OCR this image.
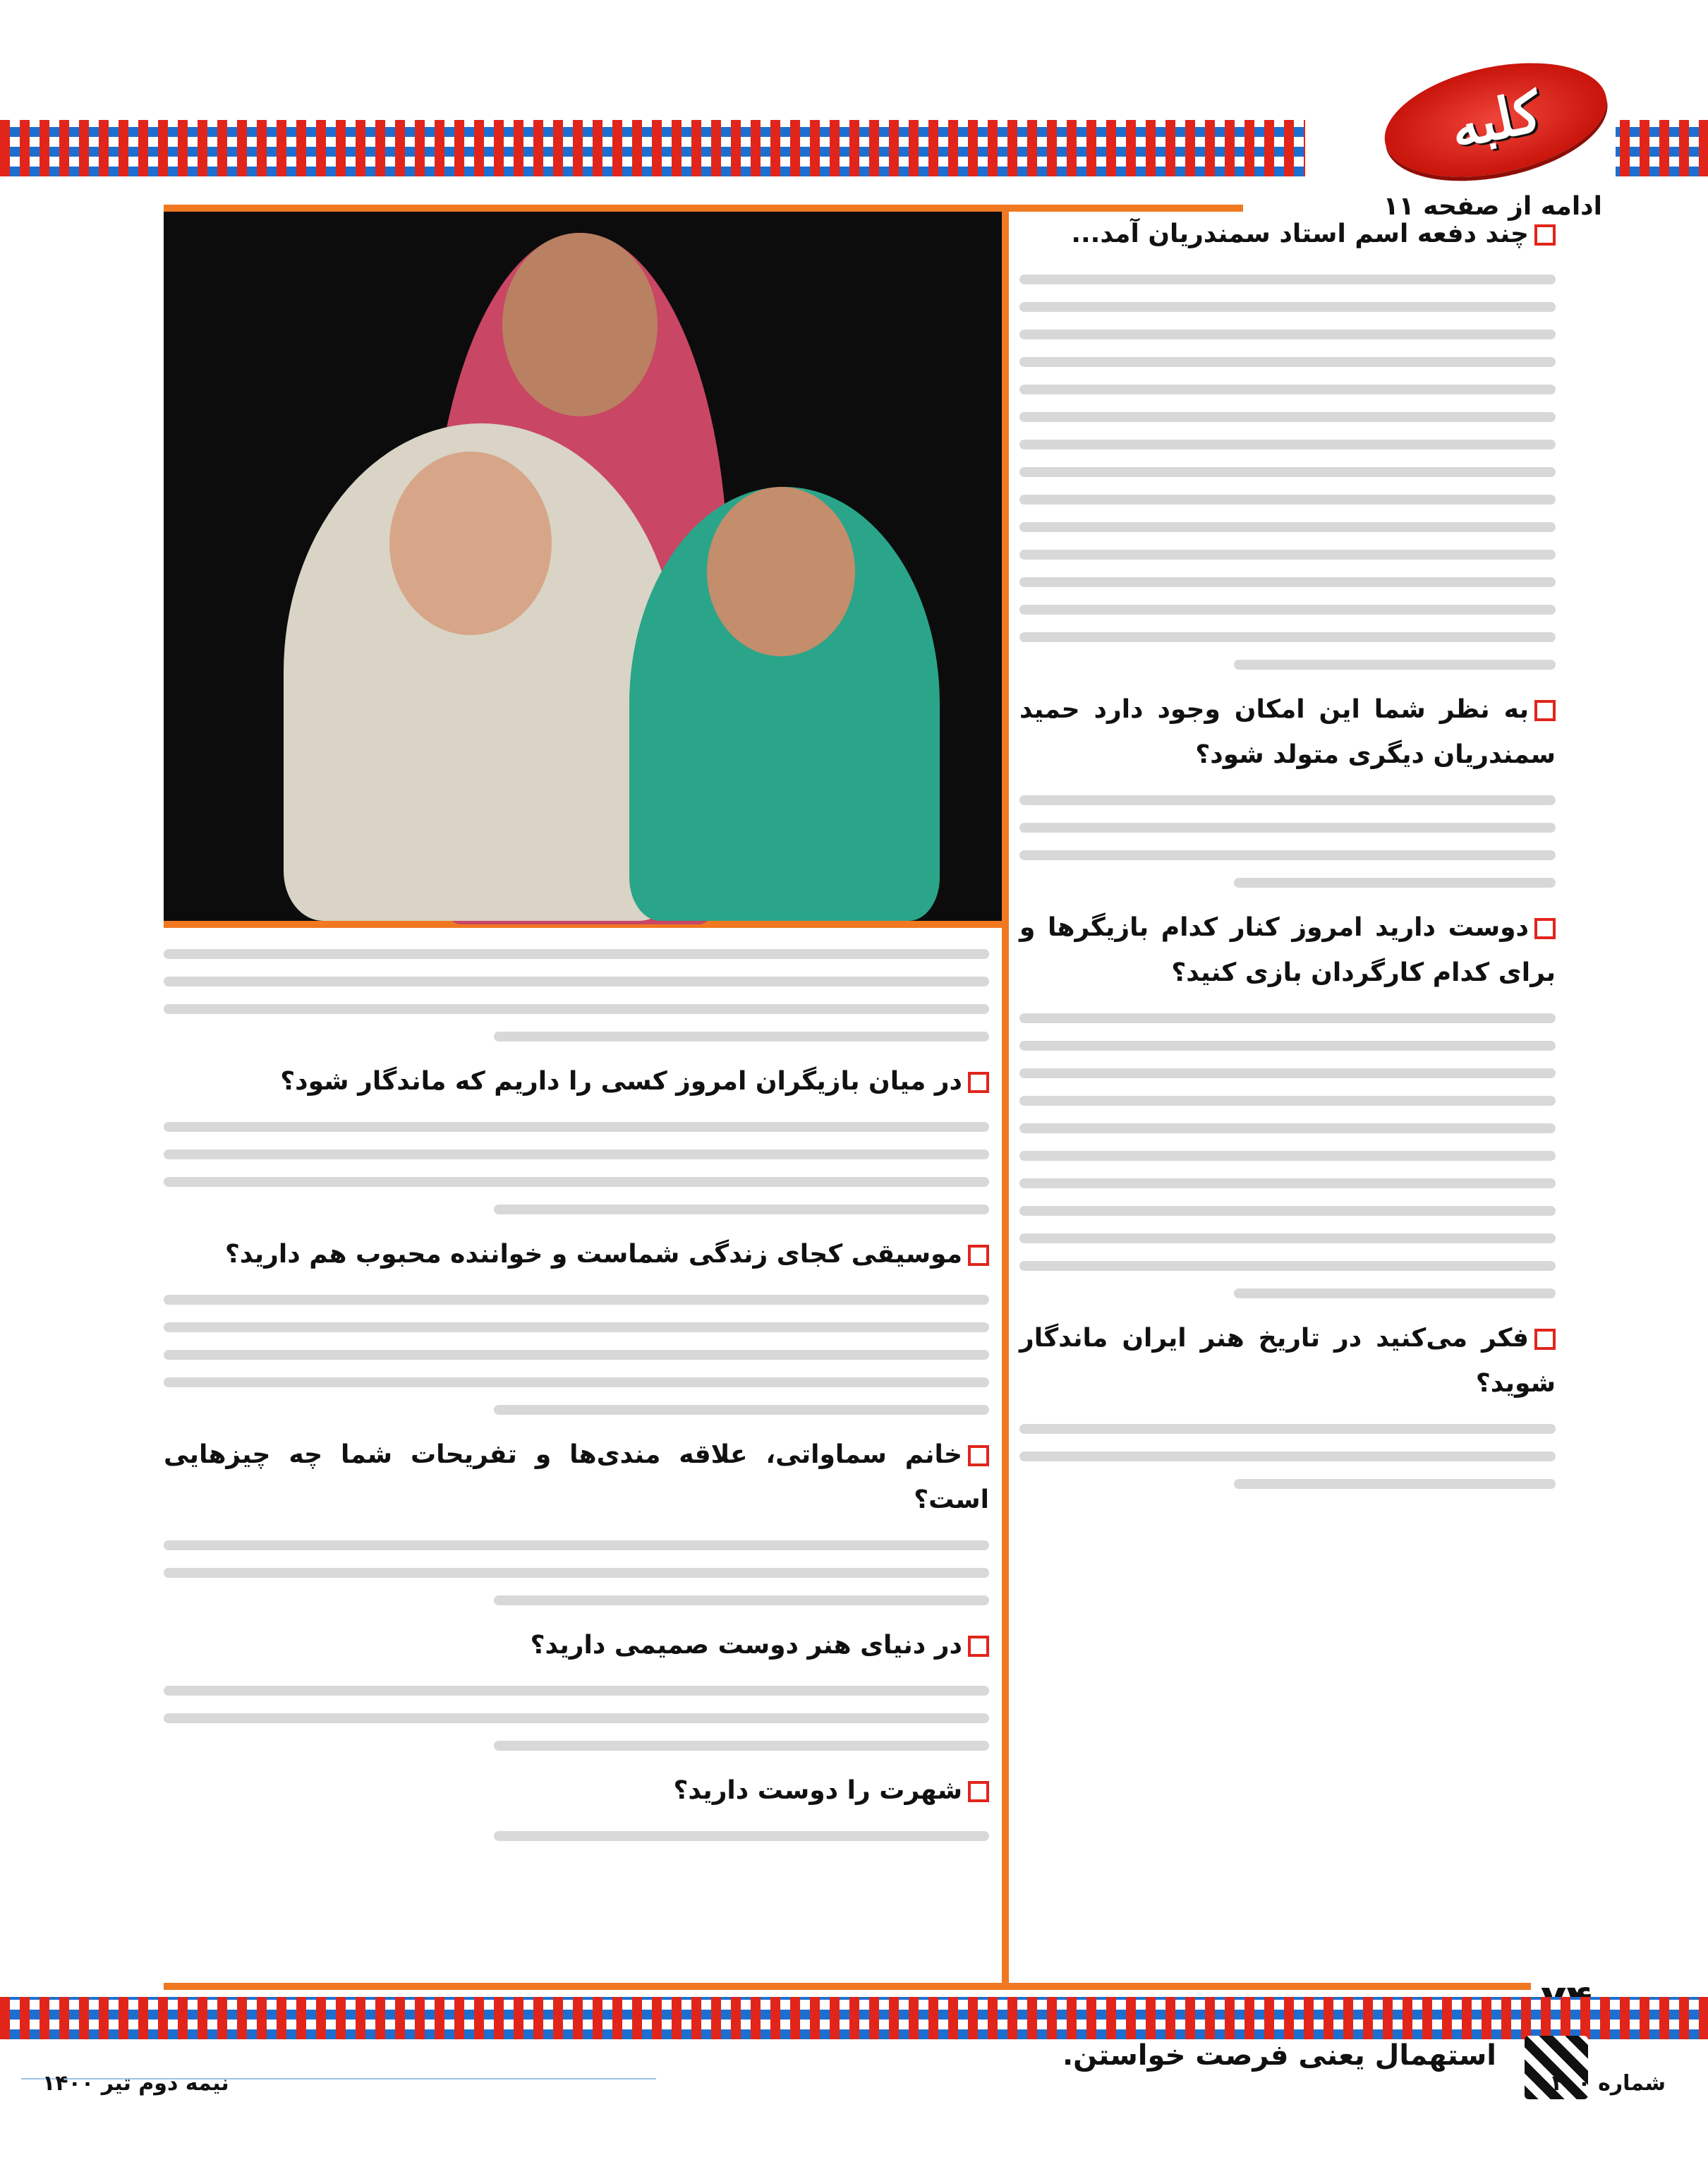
کلبه
ادامه از صفحه ۱۱
چند دفعه اسم استاد سمندریان آمد...
به نظر شما این امکان وجود دارد حمید سمندریان دیگری متولد شود؟
دوست دارید امروز کنار کدام بازیگرها و برای کدام کارگردان بازی کنید؟
فکر می‌کنید در تاریخ هنر ایران ماندگار شوید؟
در میان بازیگران امروز کسی را داریم که ماندگار شود؟
موسیقی کجای زندگی شماست و خواننده محبوب هم دارید؟
خانم سماواتی، علاقه مندی‌ها و تفریحات شما چه چیزهایی است؟
در دنیای هنر دوست صمیمی دارید؟
شهرت را دوست دارید؟
استهمال یعنی فرصت خواستن.
شماره ۴۰۰
نیمه دوم تیر ۱۴۰۰
